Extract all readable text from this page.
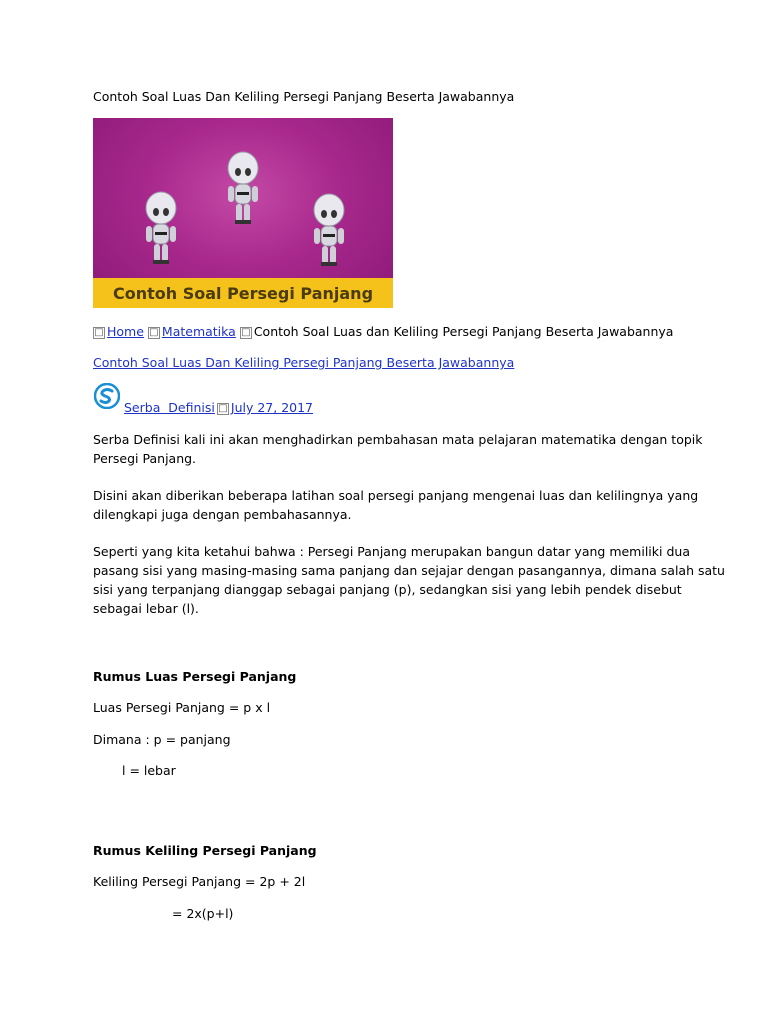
Contoh Soal Luas Dan Keliling Persegi Panjang Beserta Jawabannya
Contoh Soal Persegi Panjang
□ Home □ Matematika □ Contoh Soal Luas dan Keliling Persegi Panjang Beserta Jawabannya
Contoh Soal Luas Dan Keliling Persegi Panjang Beserta Jawabannya
Serba  Definisi □ July 27, 2017
Serba Definisi kali ini akan menghadirkan pembahasan mata pelajaran matematika dengan topik
Persegi Panjang.
Disini akan diberikan beberapa latihan soal persegi panjang mengenai luas dan kelilingnya yang
dilengkapi juga dengan pembahasannya.
Seperti yang kita ketahui bahwa : Persegi Panjang merupakan bangun datar yang memiliki dua
pasang sisi yang masing-masing sama panjang dan sejajar dengan pasangannya, dimana salah satu
sisi yang terpanjang dianggap sebagai panjang (p), sedangkan sisi yang lebih pendek disebut
sebagai lebar (l).
Rumus Luas Persegi Panjang
Luas Persegi Panjang = p x l
Dimana : p = panjang
l = lebar
Rumus Keliling Persegi Panjang
Keliling Persegi Panjang = 2p + 2l
= 2x(p+l)
